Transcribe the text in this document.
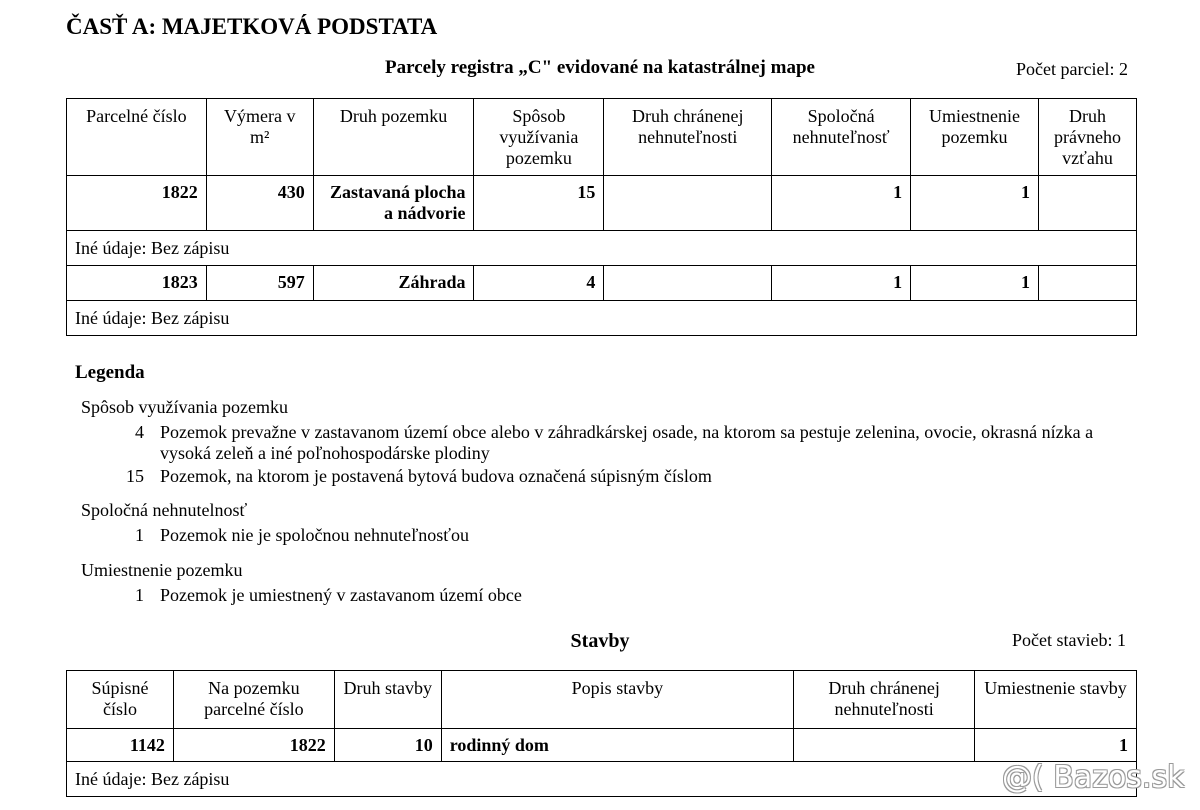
ČASŤ A: MAJETKOVÁ PODSTATA
Parcely registra „C" evidované na katastrálnej mape	Počet parciel: 2
Parcelné číslo	Výmera v m²	Druh pozemku	Spôsob využívania pozemku	Druh chránenej nehnuteľnosti	Spoločná nehnuteľnosť	Umiestnenie pozemku	Druh právneho vzťahu
1822	430	Zastavaná plocha a nádvorie	15		1	1	
Iné údaje: Bez zápisu							
1823	597	Záhrada	4		1	1	
Iné údaje: Bez zápisu							
Legenda
Spôsob využívania pozemku
4 Pozemok prevažne v zastavanom území obce alebo v záhradkárskej osade, na ktorom sa pestuje zelenina, ovocie, okrasná nízka a vysoká zeleň a iné poľnohospodárske plodiny
15 Pozemok, na ktorom je postavená bytová budova označená súpisným číslom
Spoločná nehnutelnosť
1 Pozemok nie je spoločnou nehnuteľnosťou
Umiestnenie pozemku
1 Pozemok je umiestnený v zastavanom území obce
Stavby	Počet stavieb: 1
Súpisné číslo	Na pozemku parcelné číslo	Druh stavby	Popis stavby	Druh chránenej nehnuteľnosti	Umiestnenie stavby
1142	1822	10	rodinný dom		1
Iné údaje: Bez zápisu						@( Bazos.sk
